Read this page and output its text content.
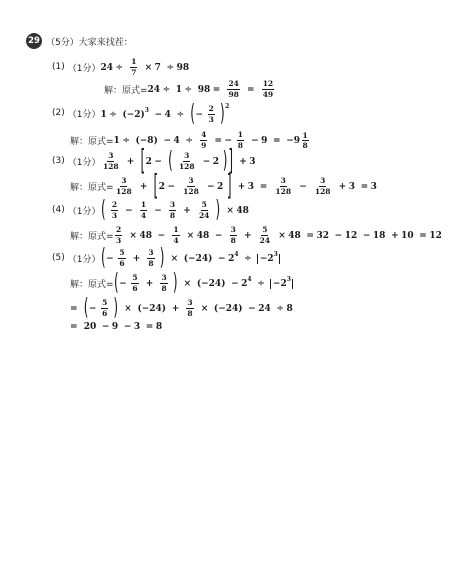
29 （5分）大家来找茬：
(1) （1分） $24 \div \frac{1}{7} \times 7 \div 98$
解：原式= $24 \div 1 \div 98 = \frac{24}{98} = \frac{12}{49}$
(2) （1分） $1 \div (-2)^3 - 4$ ÷ (− $\frac{2}{3} )^2$
解：原式= $1 \div (-8) - 4 \div \frac{4}{9}$ = − $\frac{1}{8} - 9 = -9 \frac{1}{8}$
(3) （1分） $\frac{3}{128} + [2$ − ( $\frac{3}{128} - 2$ )] + 3
解：原式= $\frac{3}{128} + [2 - \frac{3}{128} - 2$ ] + $3 = \frac{3}{128} - \frac{3}{128} + 3 = 3$
(4) （1分） ( $\frac{2}{3} - \frac{1}{4} - \frac{3}{8} + \frac{5}{24}$ ) × 48
解：原式= $\frac{2}{3} \times 48 - \frac{1}{4} \times 48 - \frac{3}{8} + \frac{5}{24} \times 48 = 32 - 12 - 18 + 10 = 12$
(5) （1分） (− $\frac{5}{6} + \frac{3}{8}$ ) × $(-24) - 2^4 \div -2^3$
解：原式= (− $\frac{5}{6} + \frac{3}{8}$ ) × $(-24) - 2^4 \div -2^3$
= (− $\frac{5}{6}$ ) × $(-24) + \frac{3}{8} \times (-24) - 24 \div 8$
= 20 − 9 − 3 = 8
